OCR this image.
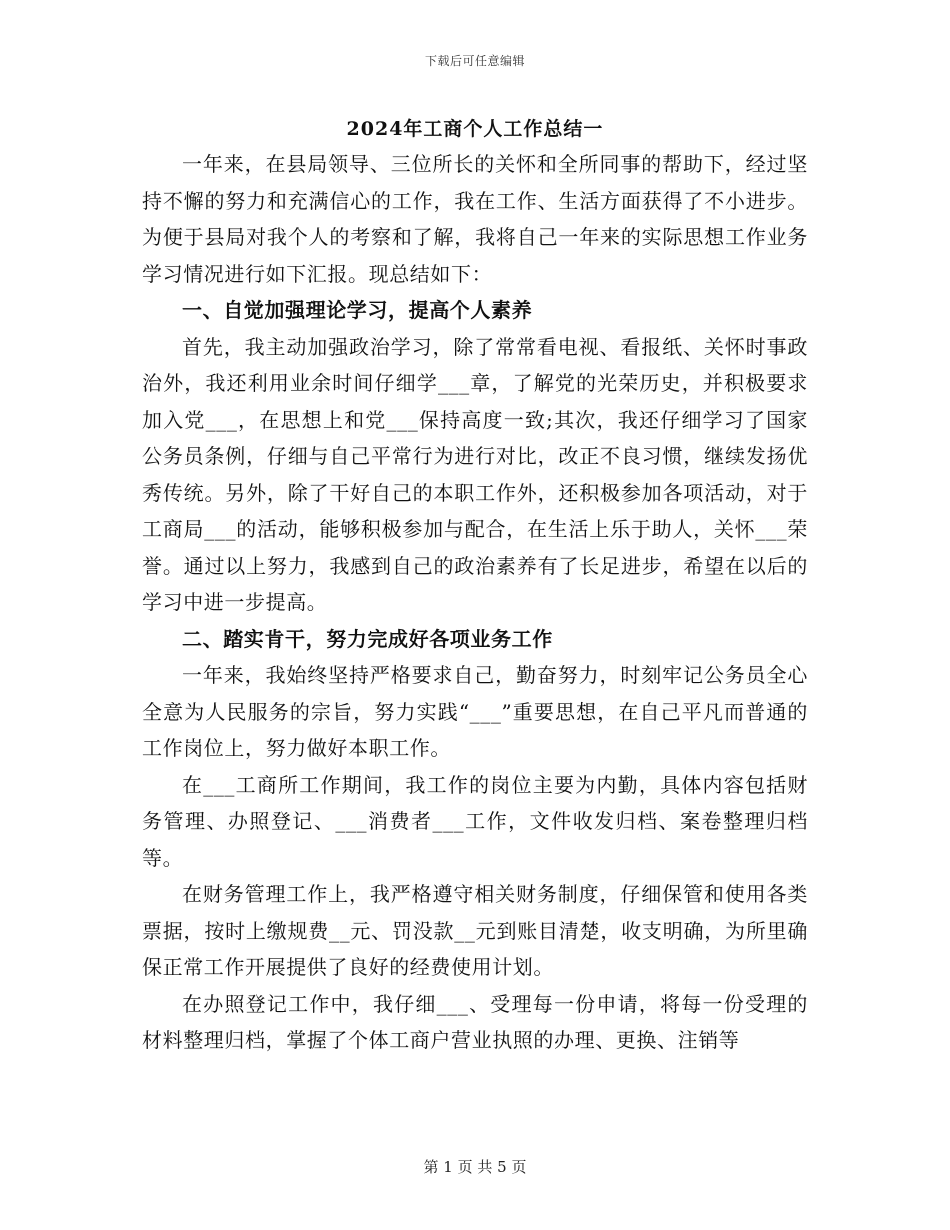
下载后可任意编辑
2024年工商个人工作总结一

一年来，在县局领导、三位所长的关怀和全所同事的帮助下，经过坚持不懈的努力和充满信心的工作，我在工作、生活方面获得了不小进步。为便于县局对我个人的考察和了解，我将自己一年来的实际思想工作业务学习情况进行如下汇报。现总结如下：

一、自觉加强理论学习，提高个人素养

首先，我主动加强政治学习，除了常常看电视、看报纸、关怀时事政治外，我还利用业余时间仔细学___章，了解党的光荣历史，并积极要求加入党___，在思想上和党___保持高度一致;其次，我还仔细学习了国家公务员条例，仔细与自己平常行为进行对比，改正不良习惯，继续发扬优秀传统。另外，除了干好自己的本职工作外，还积极参加各项活动，对于工商局___的活动，能够积极参加与配合，在生活上乐于助人，关怀___荣誉。通过以上努力，我感到自己的政治素养有了长足进步，希望在以后的学习中进一步提高。

二、踏实肯干，努力完成好各项业务工作

一年来，我始终坚持严格要求自己，勤奋努力，时刻牢记公务员全心全意为人民服务的宗旨，努力实践“___”重要思想，在自己平凡而普通的工作岗位上，努力做好本职工作。

在___工商所工作期间，我工作的岗位主要为内勤，具体内容包括财务管理、办照登记、___消费者___工作，文件收发归档、案卷整理归档等。

在财务管理工作上，我严格遵守相关财务制度，仔细保管和使用各类票据，按时上缴规费__元、罚没款__元到账目清楚，收支明确，为所里确保正常工作开展提供了良好的经费使用计划。

在办照登记工作中，我仔细___、受理每一份申请，将每一份受理的材料整理归档，掌握了个体工商户营业执照的办理、更换、注销等

第 1 页 共 5 页
